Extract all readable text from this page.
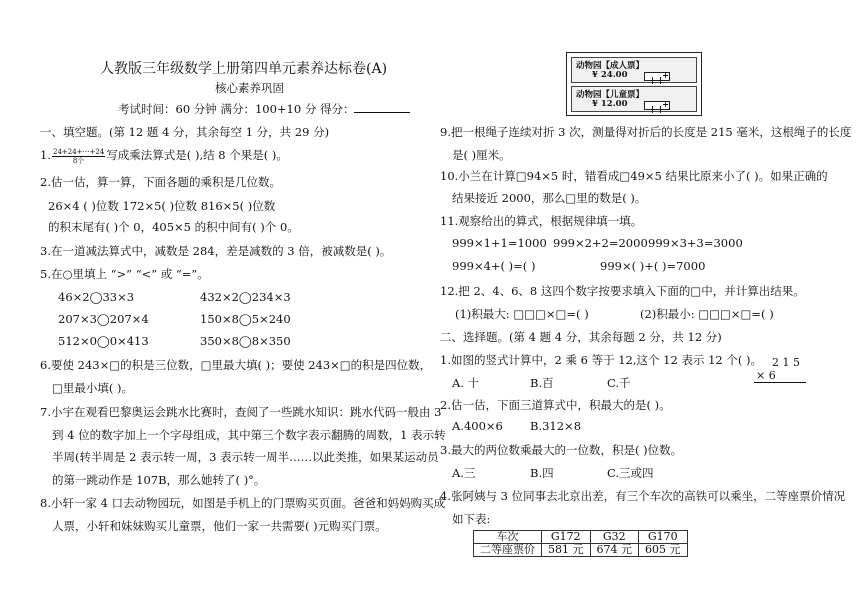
人教版三年级数学上册第四单元素养达标卷(A)
核心素养巩固
考试时间：60 分钟 满分：100+10 分 得分：
一、填空题。(第 12 题 4 分，其余每空 1 分，共 29 分)
1. $\frac{24+24+\cdots+24}{\text{8个}}$ 写成乘法算式是( ),结 8 个果是( )。
2.估一估，算一算，下面各题的乘积是几位数。
26×4 ( )位数 172×5( )位数 816×5( )位数
的积末尾有( )个 0，405×5 的积中间有( )个 0。
3.在一道减法算式中，减数是 284，差是减数的 3 倍，被减数是( )。
5.在○里填上 “>” “<” 或 “=”。
46×2◯33×3	432×2◯234×3
207×3◯207×4	150×8◯5×240
512×0◯0×413	350×8◯8×350
6.要使 243×□的积是三位数，□里最大填( )；要使 243×□的积是四位数，
□里最小填( )。
7.小宇在观看巴黎奥运会跳水比赛时，查阅了一些跳水知识：跳水代码一般由 3
到 4 位的数字加上一个字母组成，其中第三个数字表示翻腾的周数，1 表示转
半周(转半周是 2 表示转一周，3 表示转一周半……以此类推，如果某运动员
的第一跳动作是 107B，那么她转了( )°。
8.小轩一家 4 口去动物园玩，如图是手机上的门票购买页面。爸爸和妈妈购买成
人票，小轩和妹妹购买儿童票，他们一家一共需要( )元购买门票。
动物园【成人票】
¥ 24.00	+
动物园【儿童票】
¥ 12.00	+
9.把一根绳子连续对折 3 次，测量得对折后的长度是 215 毫米，这根绳子的长度
是( )厘米。
10.小兰在计算□94×5 时，错看成□49×5 结果比原来小了( )。如果正确的
结果接近 2000，那么□里的数是( )。
11.观察给出的算式，根据规律填一填。
999×1+1=1000 999×2+2=2000 999×3+3=3000
999×4+( )=( )	999×( )+( )=7000
12.把 2、4、6、8 这四个数字按要求填入下面的□中，并计算出结果。
(1)积最大: □□□×□=( )	(2)积最小: □□□×□=( )
二、选择题。(第 4 题 4 分，其余每题 2 分，共 12 分)
1.如图的竖式计算中，2 乘 6 等于 12,这个 12 表示 12 个( )。
A. 十	B.百	C.千
2 1 5
× 6
2.估一估，下面三道算式中，积最大的是( )。
A.400×6 B.312×8
3.最大的两位数乘最大的一位数，积是( )位数。
A.三	B.四	C.三或四
4.张阿姨与 3 位同事去北京出差，有三个车次的高铁可以乘坐，二等座票价情况
如下表:
车次	G172	G32	G170
二等座票价	581 元	674 元	605 元
